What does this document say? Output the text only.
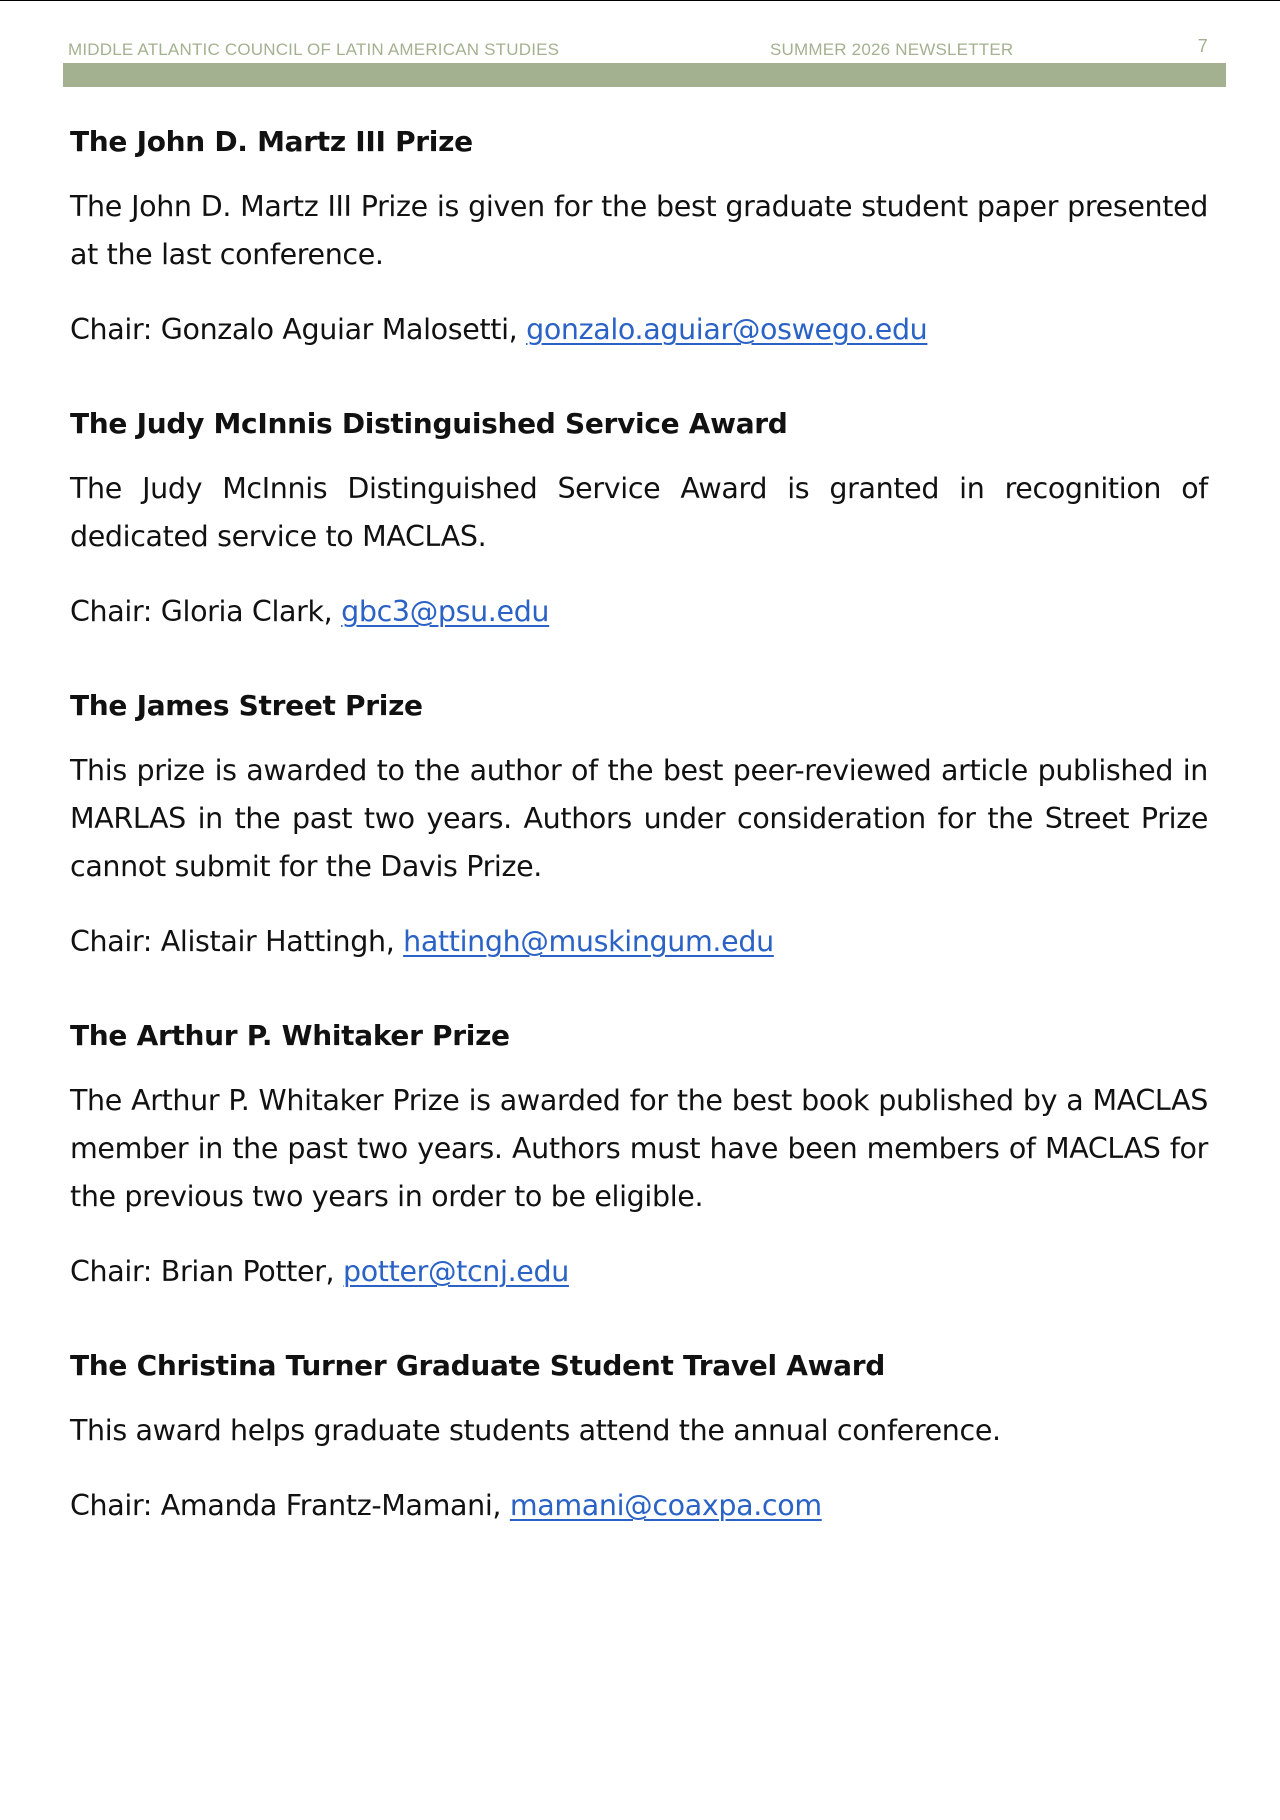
MIDDLE ATLANTIC COUNCIL OF LATIN AMERICAN STUDIES	SUMMER 2026 NEWSLETTER	7
The John D. Martz III Prize

The John D. Martz III Prize is given for the best graduate student paper presented at the last conference.

Chair: Gonzalo Aguiar Malosetti, gonzalo.aguiar@oswego.edu

The Judy McInnis Distinguished Service Award

The Judy McInnis Distinguished Service Award is granted in recognition of dedicated service to MACLAS.

Chair: Gloria Clark, gbc3@psu.edu

The James Street Prize

This prize is awarded to the author of the best peer-reviewed article published in MARLAS in the past two years. Authors under consideration for the Street Prize cannot submit for the Davis Prize.

Chair: Alistair Hattingh, hattingh@muskingum.edu

The Arthur P. Whitaker Prize

The Arthur P. Whitaker Prize is awarded for the best book published by a MACLAS member in the past two years. Authors must have been members of MACLAS for the previous two years in order to be eligible.

Chair: Brian Potter, potter@tcnj.edu

The Christina Turner Graduate Student Travel Award

This award helps graduate students attend the annual conference.

Chair: Amanda Frantz-Mamani, mamani@coaxpa.com
